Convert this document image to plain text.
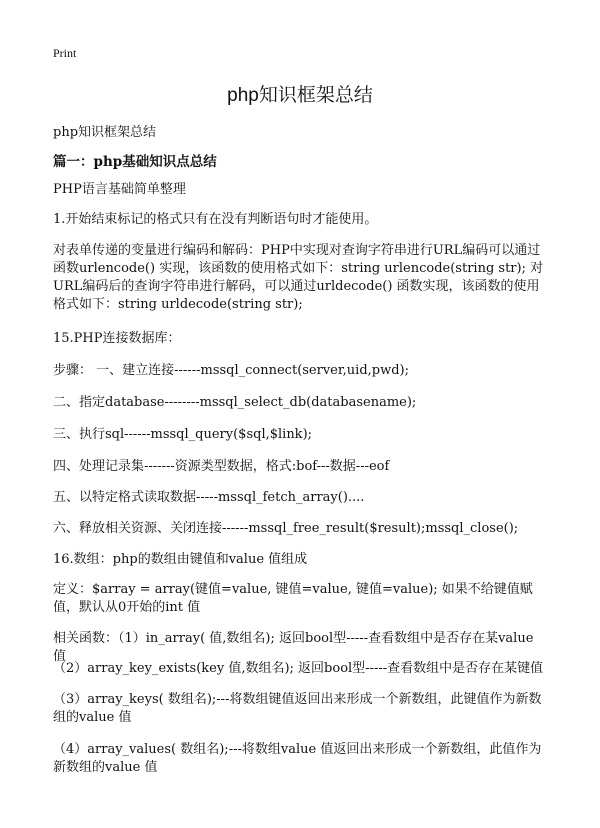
Print
php知识框架总结
php知识框架总结
篇一：php基础知识点总结

PHP语言基础简单整理

1.开始结束标记的格式只有在没有判断语句时才能使用。

对表单传递的变量进行编码和解码：PHP中实现对查询字符串进行URL编码可以通过函数urlencode() 实现，该函数的使用格式如下：string urlencode(string str); 对URL编码后的查询字符串进行解码，可以通过urldecode() 函数实现，该函数的使用格式如下：string urldecode(string str);

15.PHP连接数据库：

步骤： 一、建立连接------mssql_connect(server,uid,pwd);

二、指定database--------mssql_select_db(databasename);

三、执行sql------mssql_query($sql,$link);

四、处理记录集-------资源类型数据，格式:bof---数据---eof

五、以特定格式读取数据-----mssql_fetch_array()....

六、释放相关资源、关闭连接------mssql_free_result($result);mssql_close();

16.数组：php的数组由键值和value 值组成

定义：$array = array(键值=value, 键值=value, 键值=value); 如果不给键值赋值，默认从0开始的int 值

相关函数：（1）in_array( 值,数组名); 返回bool型-----查看数组中是否存在某value 值

（2）array_key_exists(key 值,数组名); 返回bool型-----查看数组中是否存在某键值

（3）array_keys( 数组名);---将数组键值返回出来形成一个新数组，此键值作为新数组的value 值

（4）array_values( 数组名);---将数组value 值返回出来形成一个新数组，此值作为新数组的value 值
